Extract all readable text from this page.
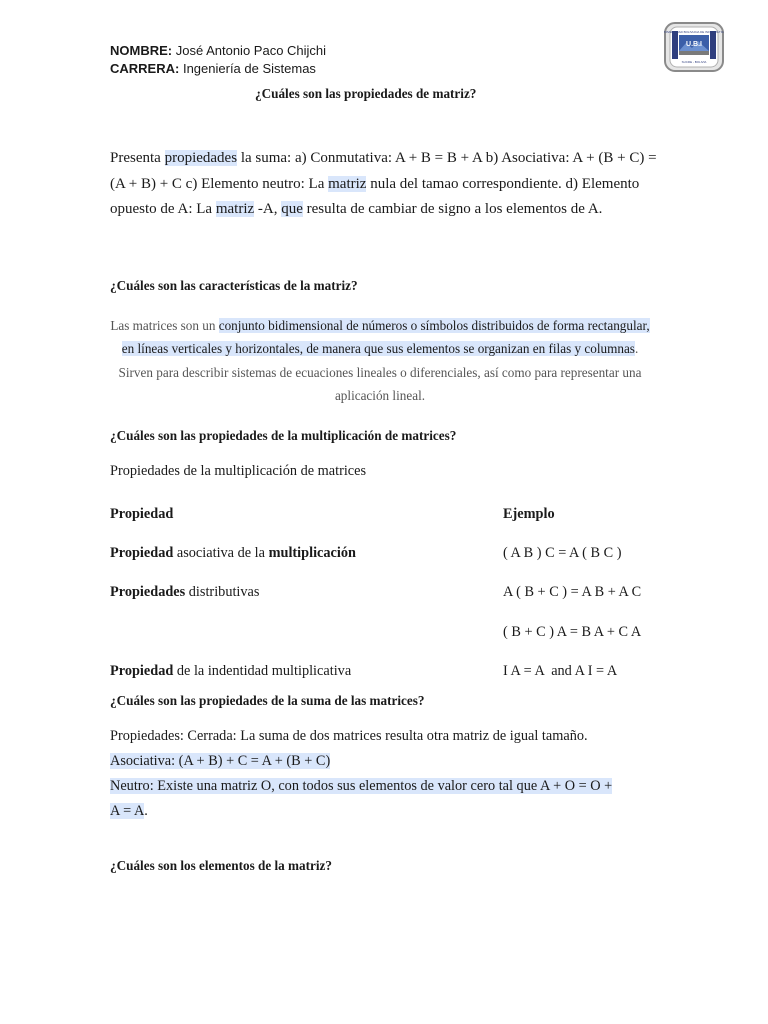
NOMBRE: José Antonio Paco Chijchi
CARRERA: Ingeniería de Sistemas
UNIVERSIDAD BOLIVIANA DE INFORMÁTICA
U.B.I
SUCRE - BOLIVIA
¿Cuáles son las propiedades de matriz?
Presenta propiedades la suma: a) Conmutativa: A + B = B + A b) Asociativa: A + (B + C) = (A + B) + C c) Elemento neutro: La matriz nula del tamao correspondiente. d) Elemento opuesto de A: La matriz -A, que resulta de cambiar de signo a los elementos de A.
¿Cuáles son las características de la matriz?
Las matrices son un conjunto bidimensional de números o símbolos distribuidos de forma rectangular, en líneas verticales y horizontales, de manera que sus elementos se organizan en filas y columnas. Sirven para describir sistemas de ecuaciones lineales o diferenciales, así como para representar una aplicación lineal.
¿Cuáles son las propiedades de la multiplicación de matrices?
Propiedades de la multiplicación de matrices
Propiedad	Ejemplo
Propiedad asociativa de la multiplicación	( A B ) C = A ( B C )
Propiedades distributivas	A ( B + C ) = A B + A C
( B + C ) A = B A + C A
Propiedad de la indentidad multiplicativa	I A = A  and A I = A
¿Cuáles son las propiedades de la suma de las matrices?
Propiedades: Cerrada: La suma de dos matrices resulta otra matriz de igual tamaño.
Asociativa: (A + B) + C = A + (B + C)
Neutro: Existe una matriz O, con todos sus elementos de valor cero tal que A + O = O +
A = A.
¿Cuáles son los elementos de la matriz?
